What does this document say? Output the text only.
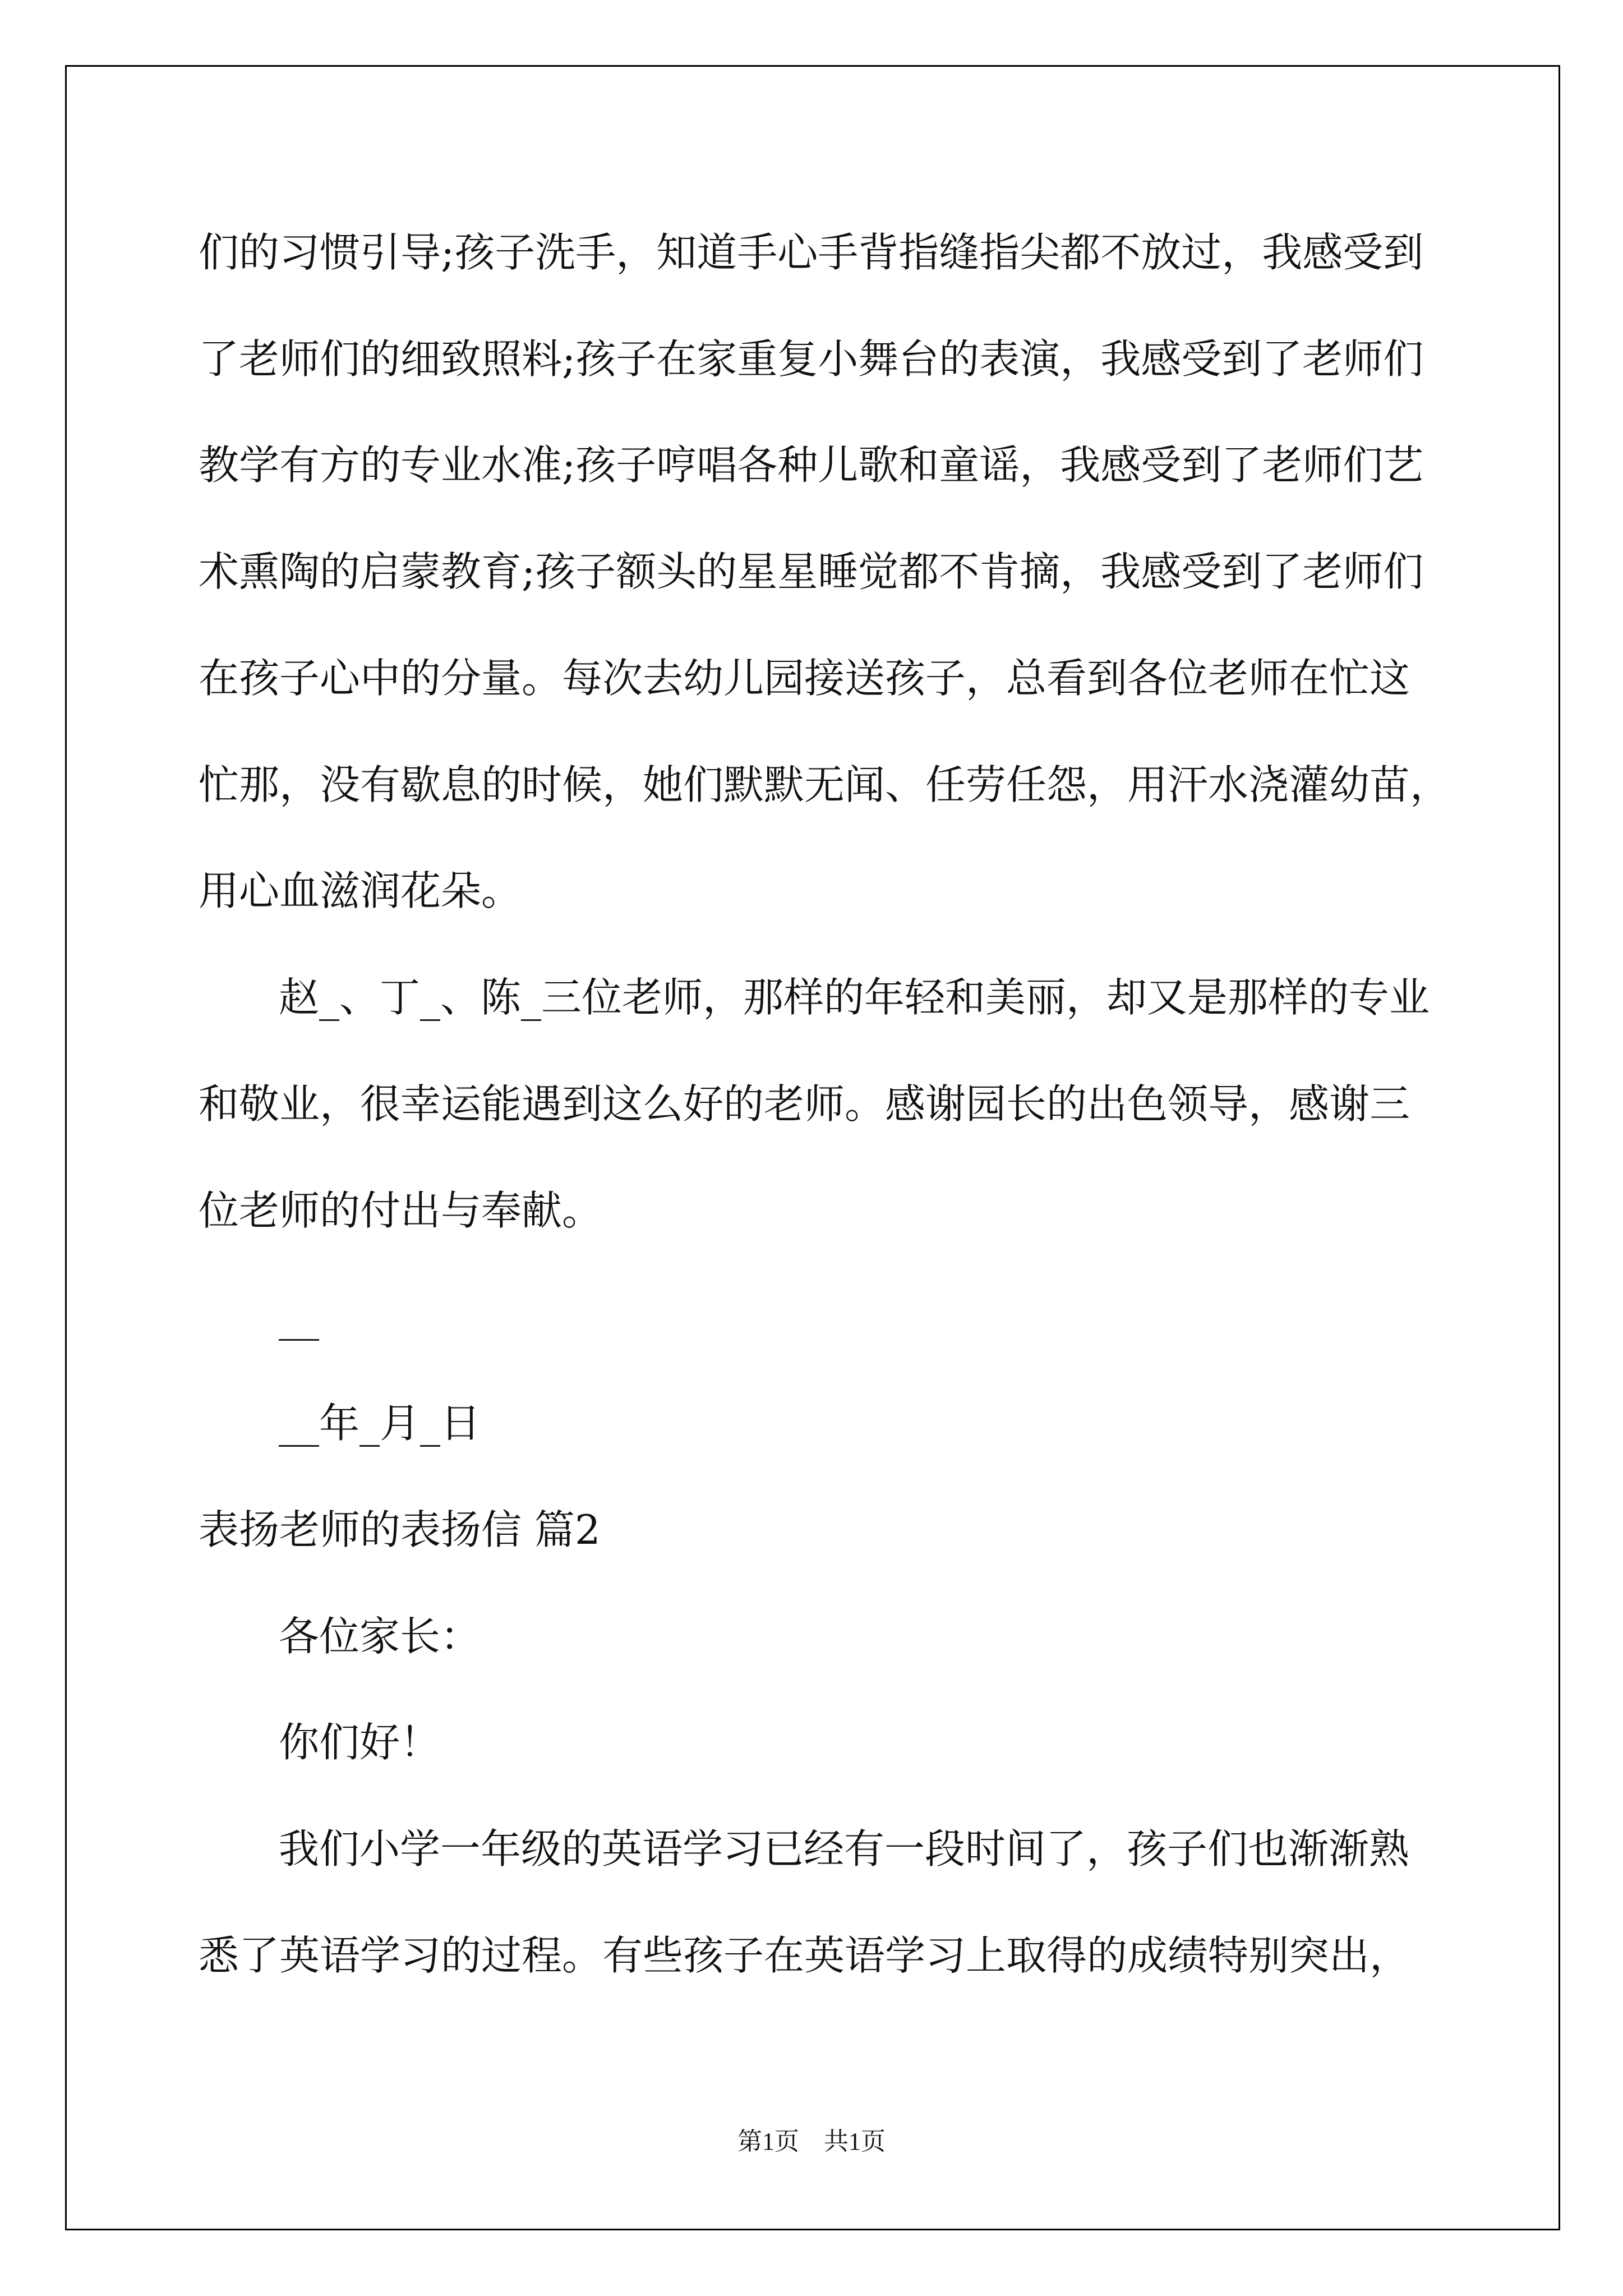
们的习惯引导;孩子洗手，知道手心手背指缝指尖都不放过，我感受到
了老师们的细致照料;孩子在家重复小舞台的表演，我感受到了老师们
教学有方的专业水准;孩子哼唱各种儿歌和童谣，我感受到了老师们艺
术熏陶的启蒙教育;孩子额头的星星睡觉都不肯摘，我感受到了老师们
在孩子心中的分量。每次去幼儿园接送孩子，总看到各位老师在忙这
忙那，没有歇息的时候，她们默默无闻、任劳任怨，用汗水浇灌幼苗，
用心血滋润花朵。
赵_、丁_、陈_三位老师，那样的年轻和美丽，却又是那样的专业
和敬业，很幸运能遇到这么好的老师。感谢园长的出色领导，感谢三
位老师的付出与奉献。
__
__年_月_日
表扬老师的表扬信 篇2
各位家长：
你们好！
我们小学一年级的英语学习已经有一段时间了，孩子们也渐渐熟
悉了英语学习的过程。有些孩子在英语学习上取得的成绩特别突出，
第1页　共1页
